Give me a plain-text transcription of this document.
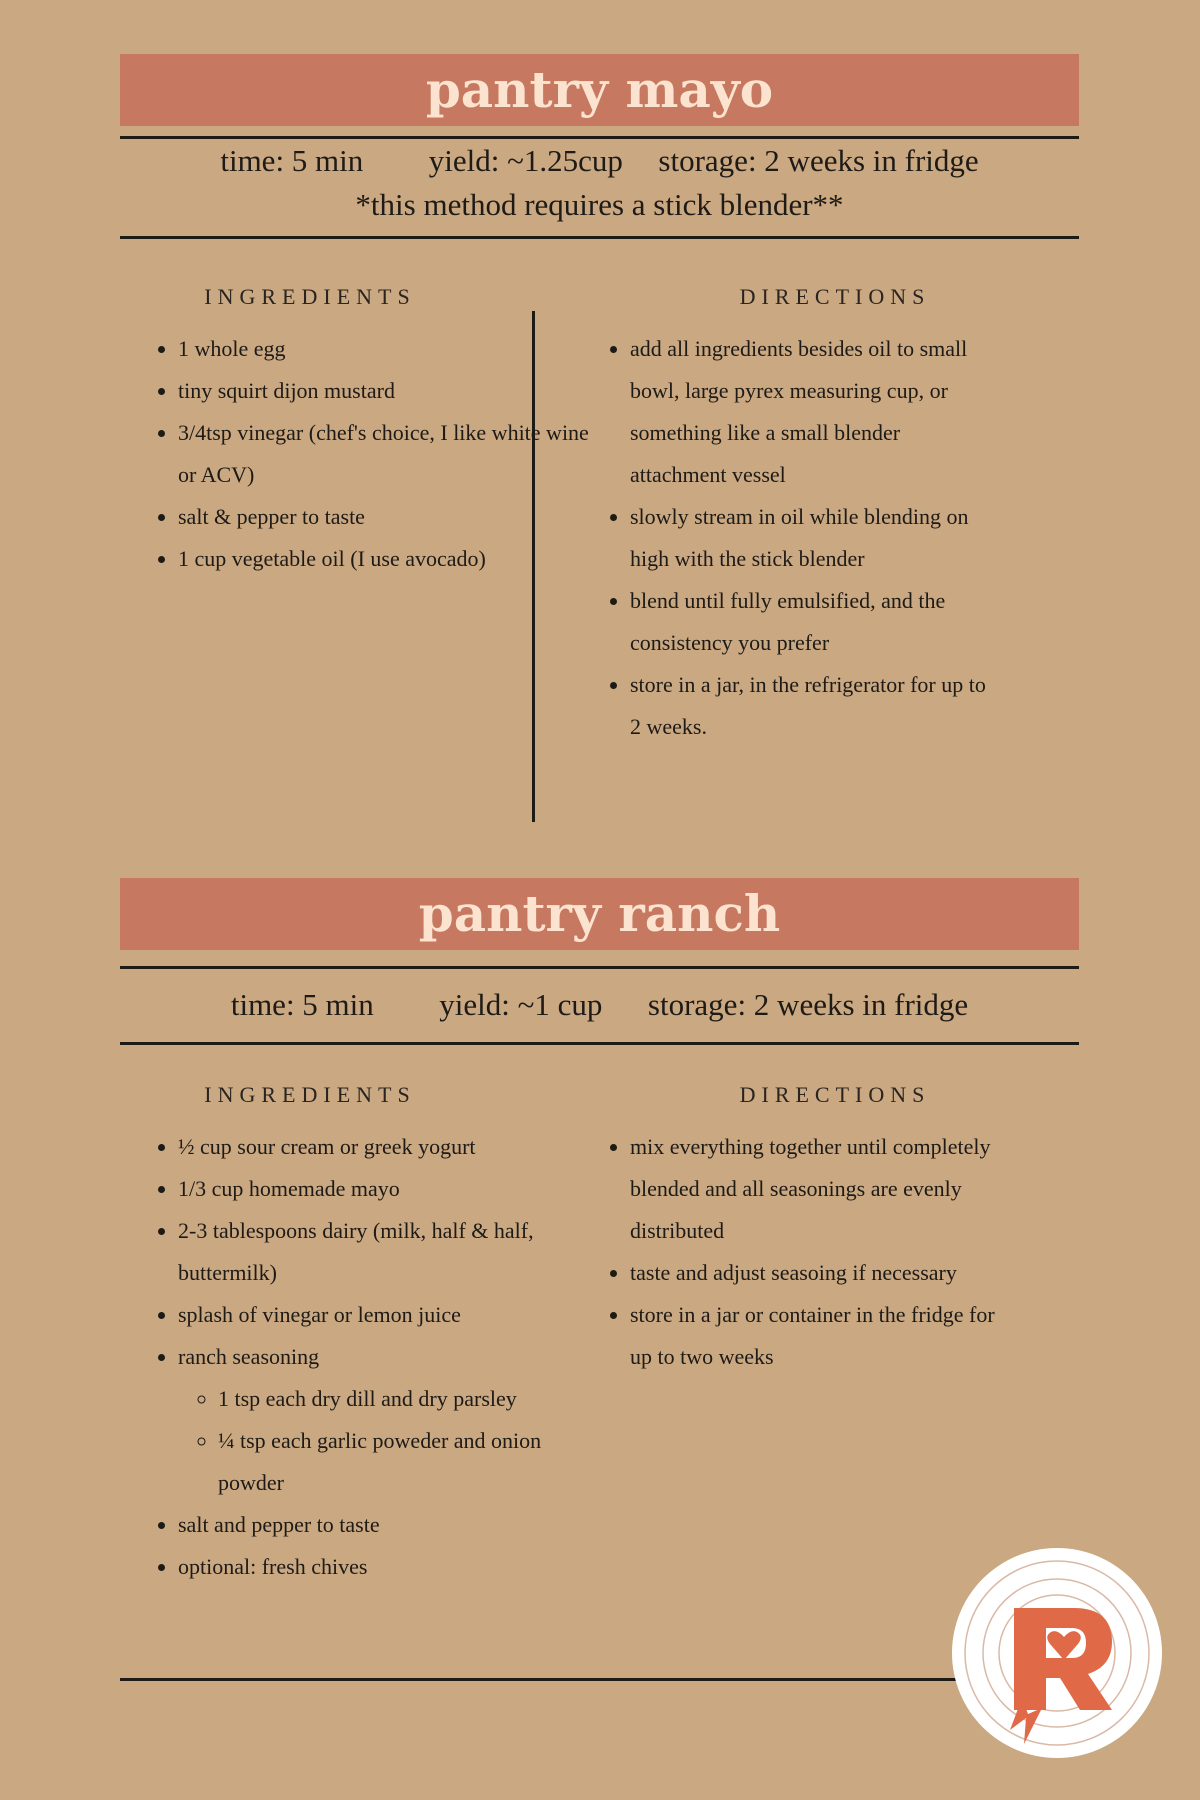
pantry mayo
time: 5 min yield: ~1.25cup storage: 2 weeks in fridge
*this method requires a stick blender**
INGREDIENTS	DIRECTIONS
• 1 whole egg
• tiny squirt dijon mustard
• 3/4tsp vinegar (chef's choice, I like white wine or ACV)
• salt & pepper to taste
• 1 cup vegetable oil (I use avocado)
• add all ingredients besides oil to small bowl, large pyrex measuring cup, or something like a small blender attachment vessel
• slowly stream in oil while blending on high with the stick blender
• blend until fully emulsified, and the consistency you prefer
• store in a jar, in the refrigerator for up to 2 weeks.
pantry ranch
time: 5 min yield: ~1 cup storage: 2 weeks in fridge
INGREDIENTS	DIRECTIONS
• ½ cup sour cream or greek yogurt
• 1/3 cup homemade mayo
• 2-3 tablespoons dairy (milk, half & half, buttermilk)
• splash of vinegar or lemon juice
• ranch seasoning
◦ 1 tsp each dry dill and dry parsley
◦ ¼ tsp each garlic poweder and onion powder
• salt and pepper to taste
• optional: fresh chives
• mix everything together until completely blended and all seasonings are evenly distributed
• taste and adjust seasoing if necessary
• store in a jar or container in the fridge for up to two weeks
